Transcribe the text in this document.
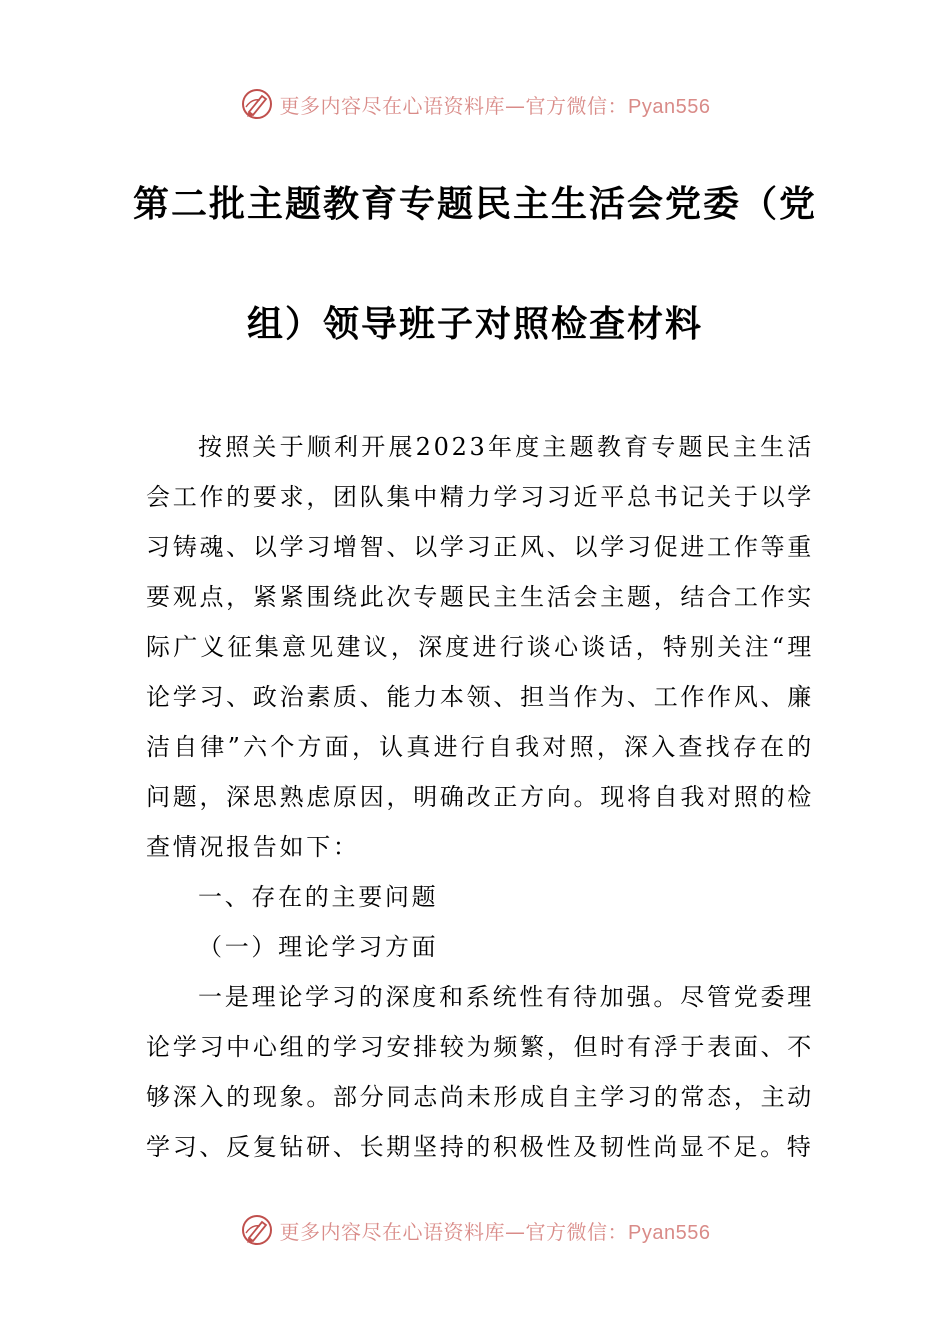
更多内容尽在心语资料库—官方微信：Pyan556
第二批主题教育专题民主生活会党委（党
组）领导班子对照检查材料

按照关于顺利开展2023年度主题教育专题民主生活会工作的要求，团队集中精力学习习近平总书记关于以学习铸魂、以学习增智、以学习正风、以学习促进工作等重要观点，紧紧围绕此次专题民主生活会主题，结合工作实际广义征集意见建议，深度进行谈心谈话，特别关注“理论学习、政治素质、能力本领、担当作为、工作作风、廉洁自律”六个方面，认真进行自我对照，深入查找存在的问题，深思熟虑原因，明确改正方向。现将自我对照的检查情况报告如下：

一、存在的主要问题

（一）理论学习方面

一是理论学习的深度和系统性有待加强。尽管党委理论学习中心组的学习安排较为频繁，但时有浮于表面、不够深入的现象。部分同志尚未形成自主学习的常态，主动学习、反复钻研、长期坚持的积极性及韧性尚显不足。特

更多内容尽在心语资料库—官方微信：Pyan556
